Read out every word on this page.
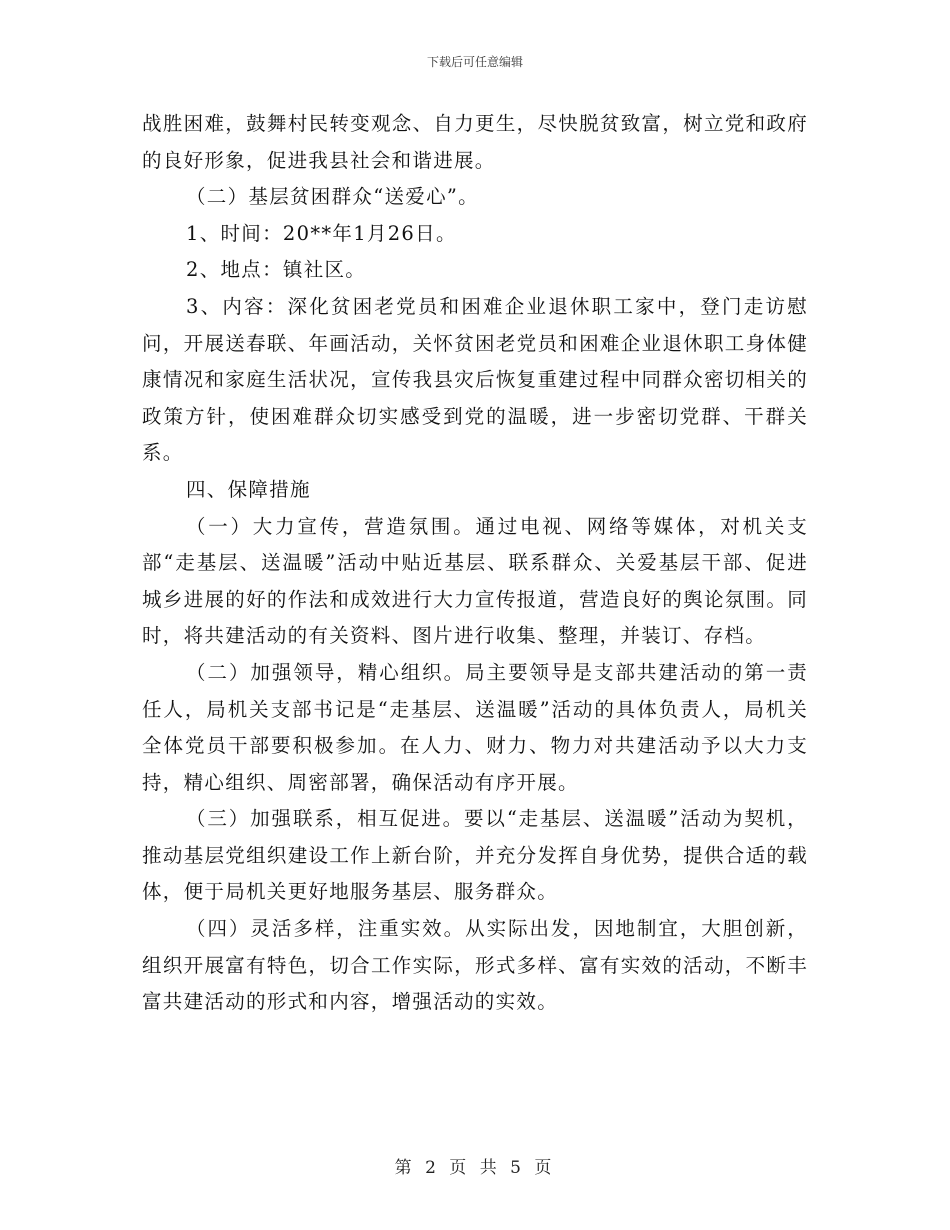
下载后可任意编辑

战胜困难，鼓舞村民转变观念、自力更生，尽快脱贫致富，树立党和政府的良好形象，促进我县社会和谐进展。

（二）基层贫困群众“送爱心”。

1、时间：20**年1月26日。

2、地点：镇社区。

3、内容：深化贫困老党员和困难企业退休职工家中，登门走访慰问，开展送春联、年画活动，关怀贫困老党员和困难企业退休职工身体健康情况和家庭生活状况，宣传我县灾后恢复重建过程中同群众密切相关的政策方针，使困难群众切实感受到党的温暖，进一步密切党群、干群关系。

四、保障措施

（一）大力宣传，营造氛围。通过电视、网络等媒体，对机关支部“走基层、送温暖”活动中贴近基层、联系群众、关爱基层干部、促进城乡进展的好的作法和成效进行大力宣传报道，营造良好的舆论氛围。同时，将共建活动的有关资料、图片进行收集、整理，并装订、存档。

（二）加强领导，精心组织。局主要领导是支部共建活动的第一责任人，局机关支部书记是“走基层、送温暖”活动的具体负责人，局机关全体党员干部要积极参加。在人力、财力、物力对共建活动予以大力支持，精心组织、周密部署，确保活动有序开展。

（三）加强联系，相互促进。要以“走基层、送温暖”活动为契机，推动基层党组织建设工作上新台阶，并充分发挥自身优势，提供合适的载体，便于局机关更好地服务基层、服务群众。

（四）灵活多样，注重实效。从实际出发，因地制宜，大胆创新，组织开展富有特色，切合工作实际，形式多样、富有实效的活动，不断丰富共建活动的形式和内容，增强活动的实效。

第 2 页 共 5 页
